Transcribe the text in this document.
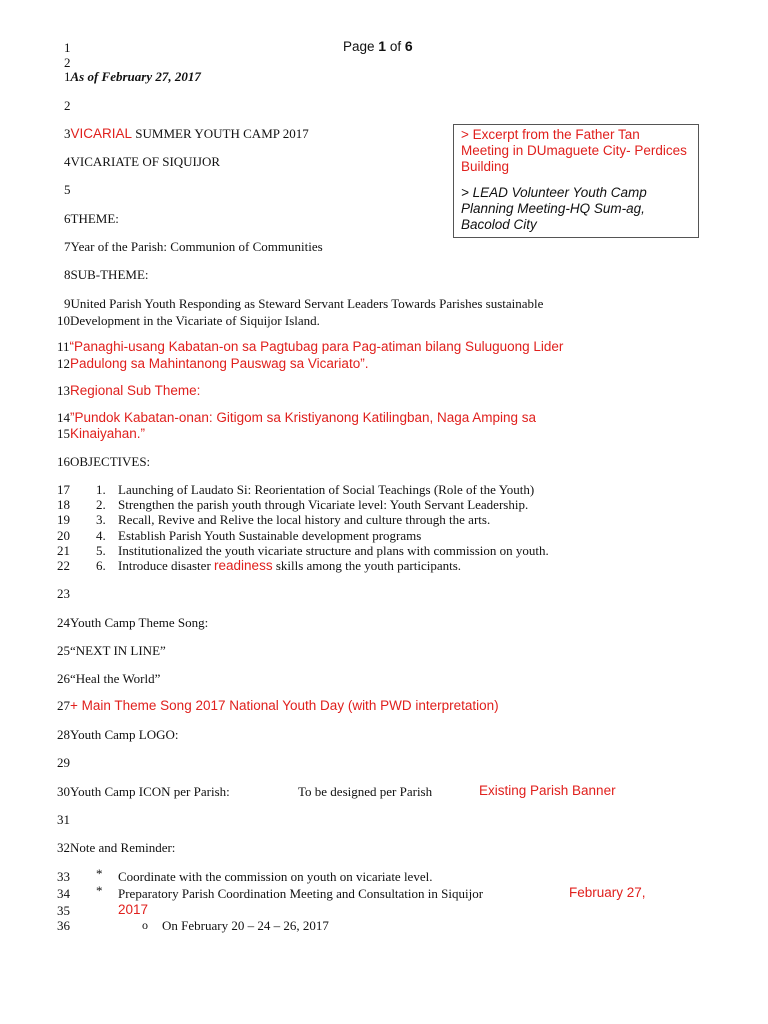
Page 1 of 6

> Excerpt from the Father Tan Meeting in DUmaguete City- Perdices Building

> LEAD Volunteer Youth Camp Planning Meeting-HQ Sum-ag, Bacolod City

1
2
1As of February 27, 2017
2
3VICARIAL SUMMER YOUTH CAMP 2017
4VICARIATE OF SIQUIJOR
5
6THEME:
7Year of the Parish: Communion of Communities
8SUB-THEME:
9United Parish Youth Responding as Steward Servant Leaders Towards Parishes sustainable
10Development in the Vicariate of Siquijor Island.
11“Panaghi-usang Kabatan-on sa Pagtubag para Pag-atiman bilang Suluguong Lider
12Padulong sa Mahintanong Pauswag sa Vicariato”.
13Regional Sub Theme:
14”Pundok Kabatan-onan: Gitigom sa Kristiyanong Katilingban, Naga Amping sa
15Kinaiyahan.”
16OBJECTIVES:
17 1. Launching of Laudato Si: Reorientation of Social Teachings (Role of the Youth)
18 2. Strengthen the parish youth through Vicariate level: Youth Servant Leadership.
19 3. Recall, Revive and Relive the local history and culture through the arts.
20 4. Establish Parish Youth Sustainable development programs
21 5. Institutionalized the youth vicariate structure and plans with commission on youth.
22 6. Introduce disaster readiness skills among the youth participants.
23
24Youth Camp Theme Song:
25“NEXT IN LINE”
26“Heal the World”
27+ Main Theme Song 2017 National Youth Day (with PWD interpretation)
28Youth Camp LOGO:
29
30Youth Camp ICON per Parish:	To be designed per Parish	Existing Parish Banner
31
32Note and Reminder:
33 * Coordinate with the commission on youth on vicariate level.
34 * Preparatory Parish Coordination Meeting and Consultation in Siquijor	February 27,
35	2017
36	o On February 20 – 24 – 26, 2017
